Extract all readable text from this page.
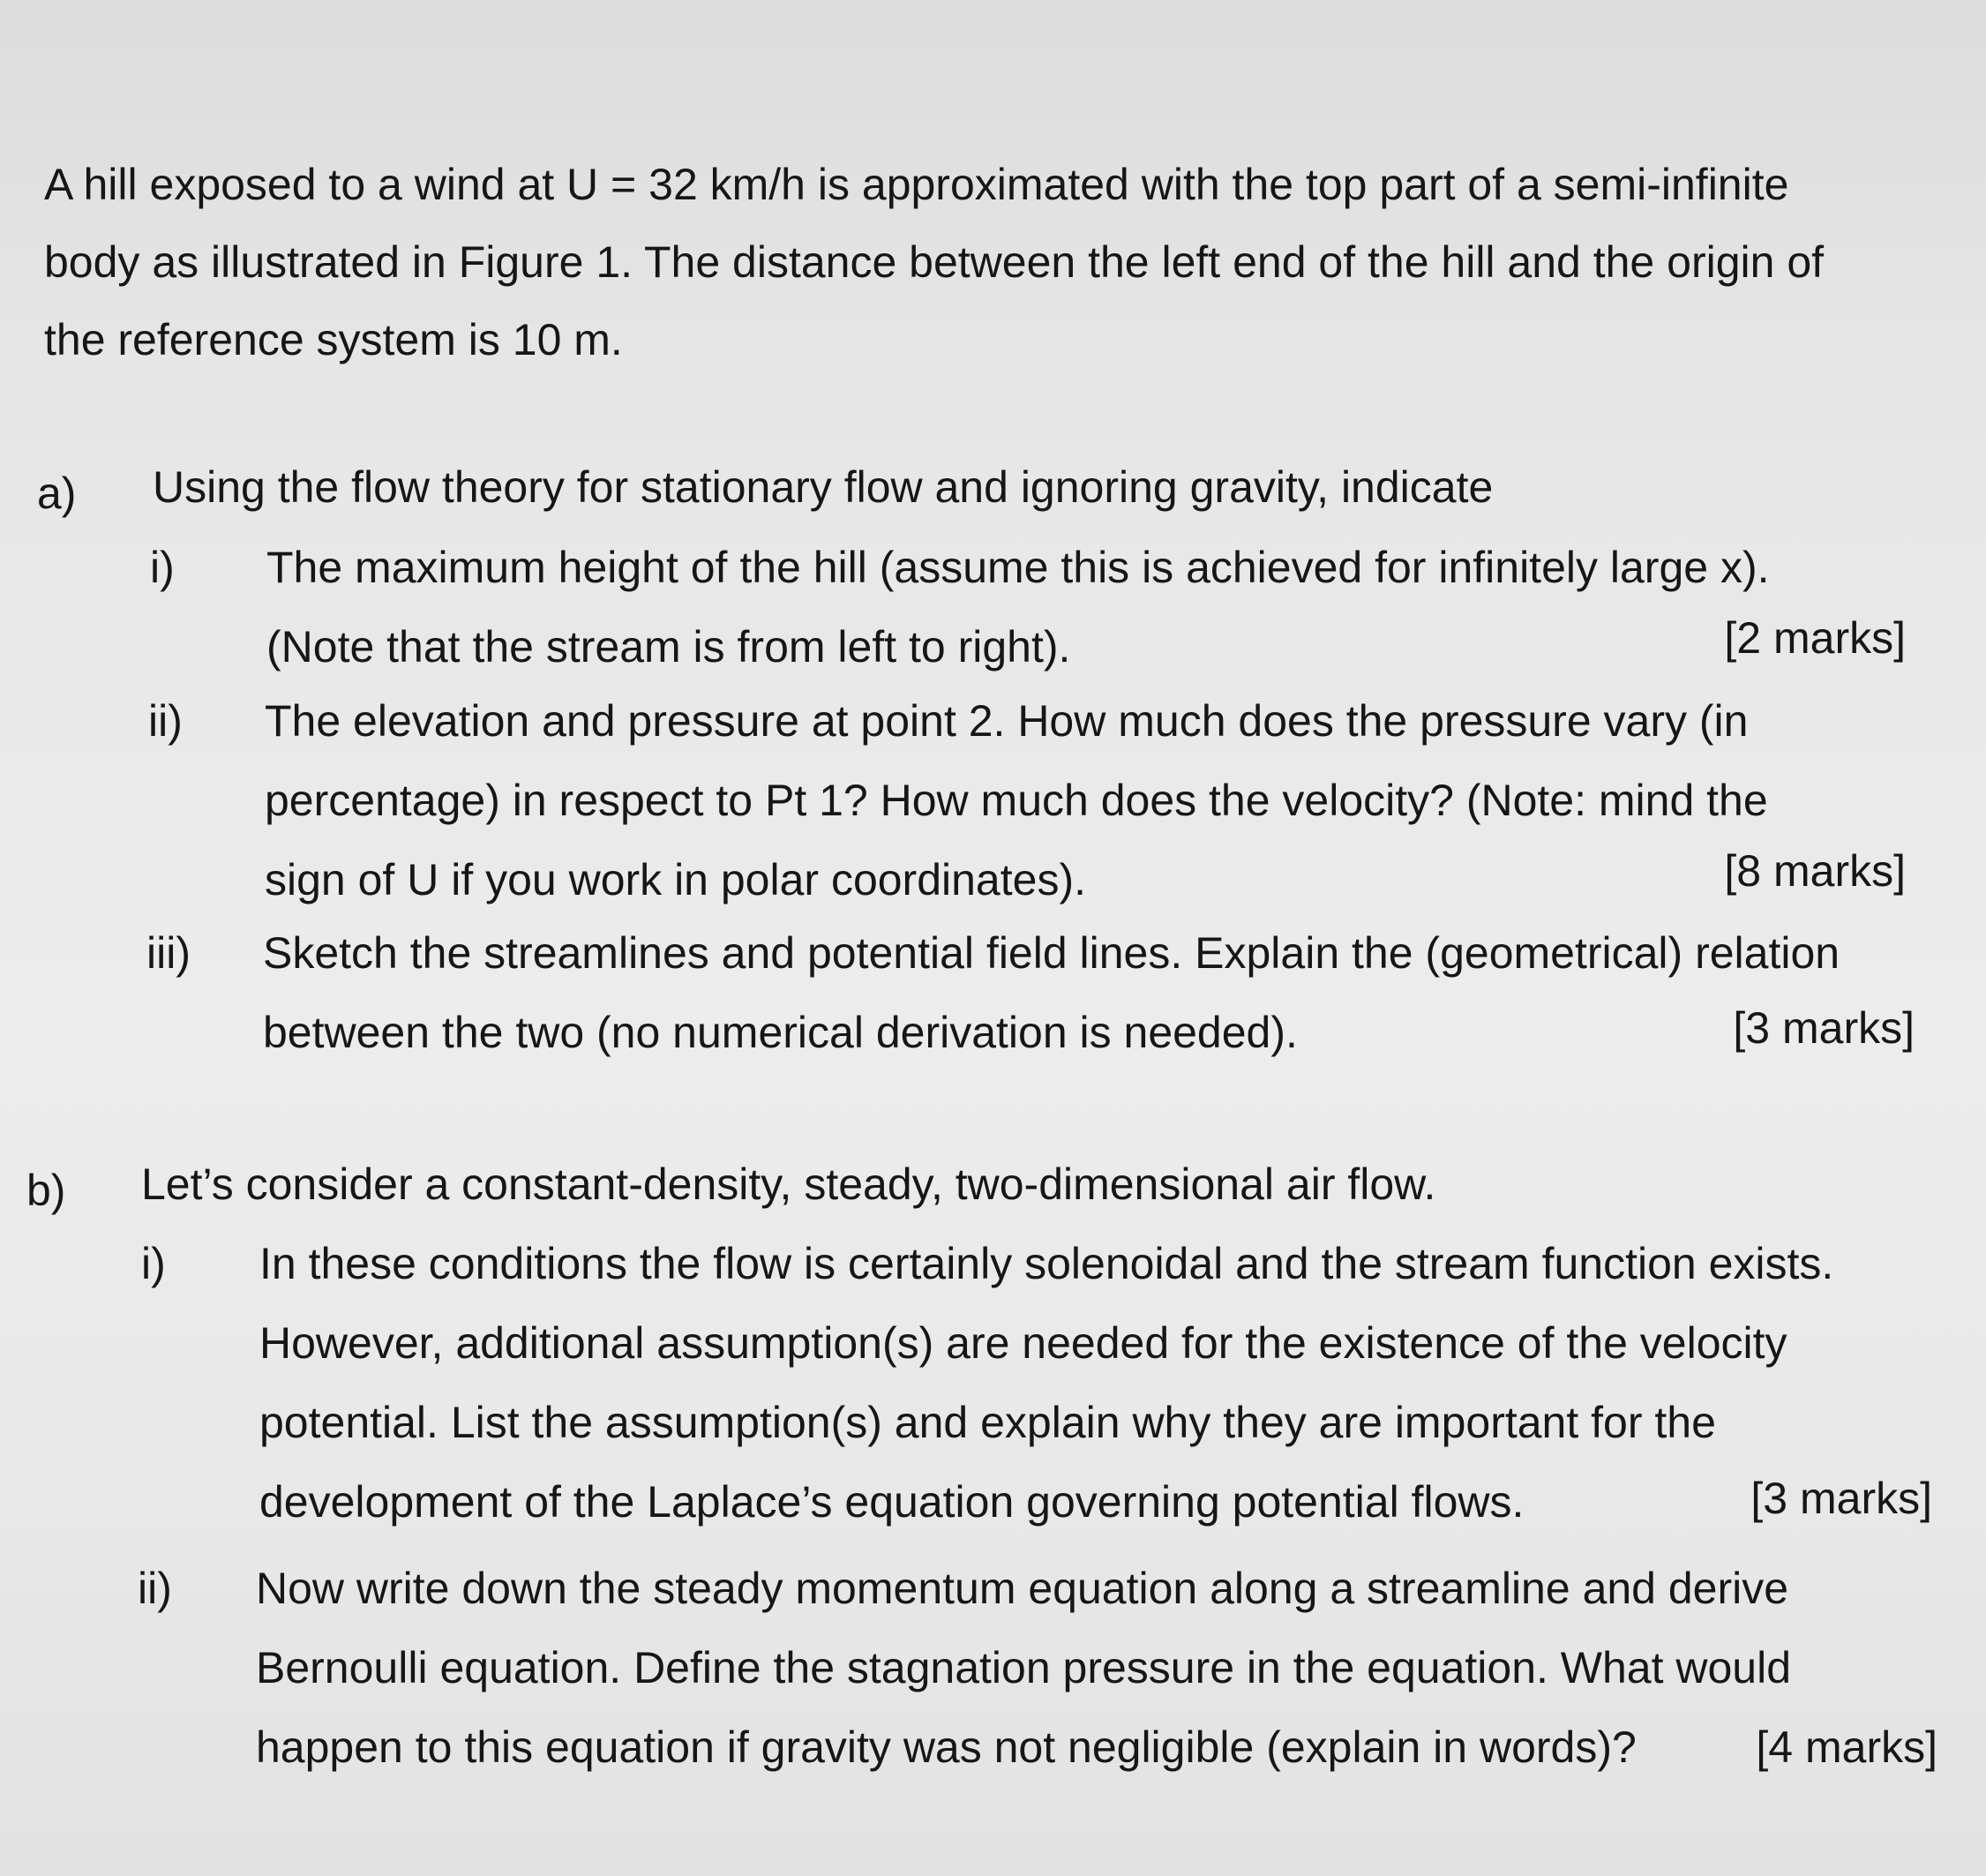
A hill exposed to a wind at U = 32 km/h is approximated with the top part of a semi-infinite

body as illustrated in Figure 1. The distance between the left end of the hill and the origin of

the reference system is 10 m.

a) Using the flow theory for stationary flow and ignoring gravity, indicate
i) The maximum height of the hill (assume this is achieved for infinitely large x).
(Note that the stream is from left to right).	[2 marks]
ii) The elevation and pressure at point 2. How much does the pressure vary (in
percentage) in respect to Pt 1? How much does the velocity? (Note: mind the
sign of U if you work in polar coordinates).	[8 marks]
iii) Sketch the streamlines and potential field lines. Explain the (geometrical) relation
between the two (no numerical derivation is needed).	[3 marks]
b) Let’s consider a constant-density, steady, two-dimensional air flow.
i) In these conditions the flow is certainly solenoidal and the stream function exists.
However, additional assumption(s) are needed for the existence of the velocity
potential. List the assumption(s) and explain why they are important for the
development of the Laplace’s equation governing potential flows.	[3 marks]
ii) Now write down the steady momentum equation along a streamline and derive
Bernoulli equation. Define the stagnation pressure in the equation. What would
happen to this equation if gravity was not negligible (explain in words)?	[4 marks]
